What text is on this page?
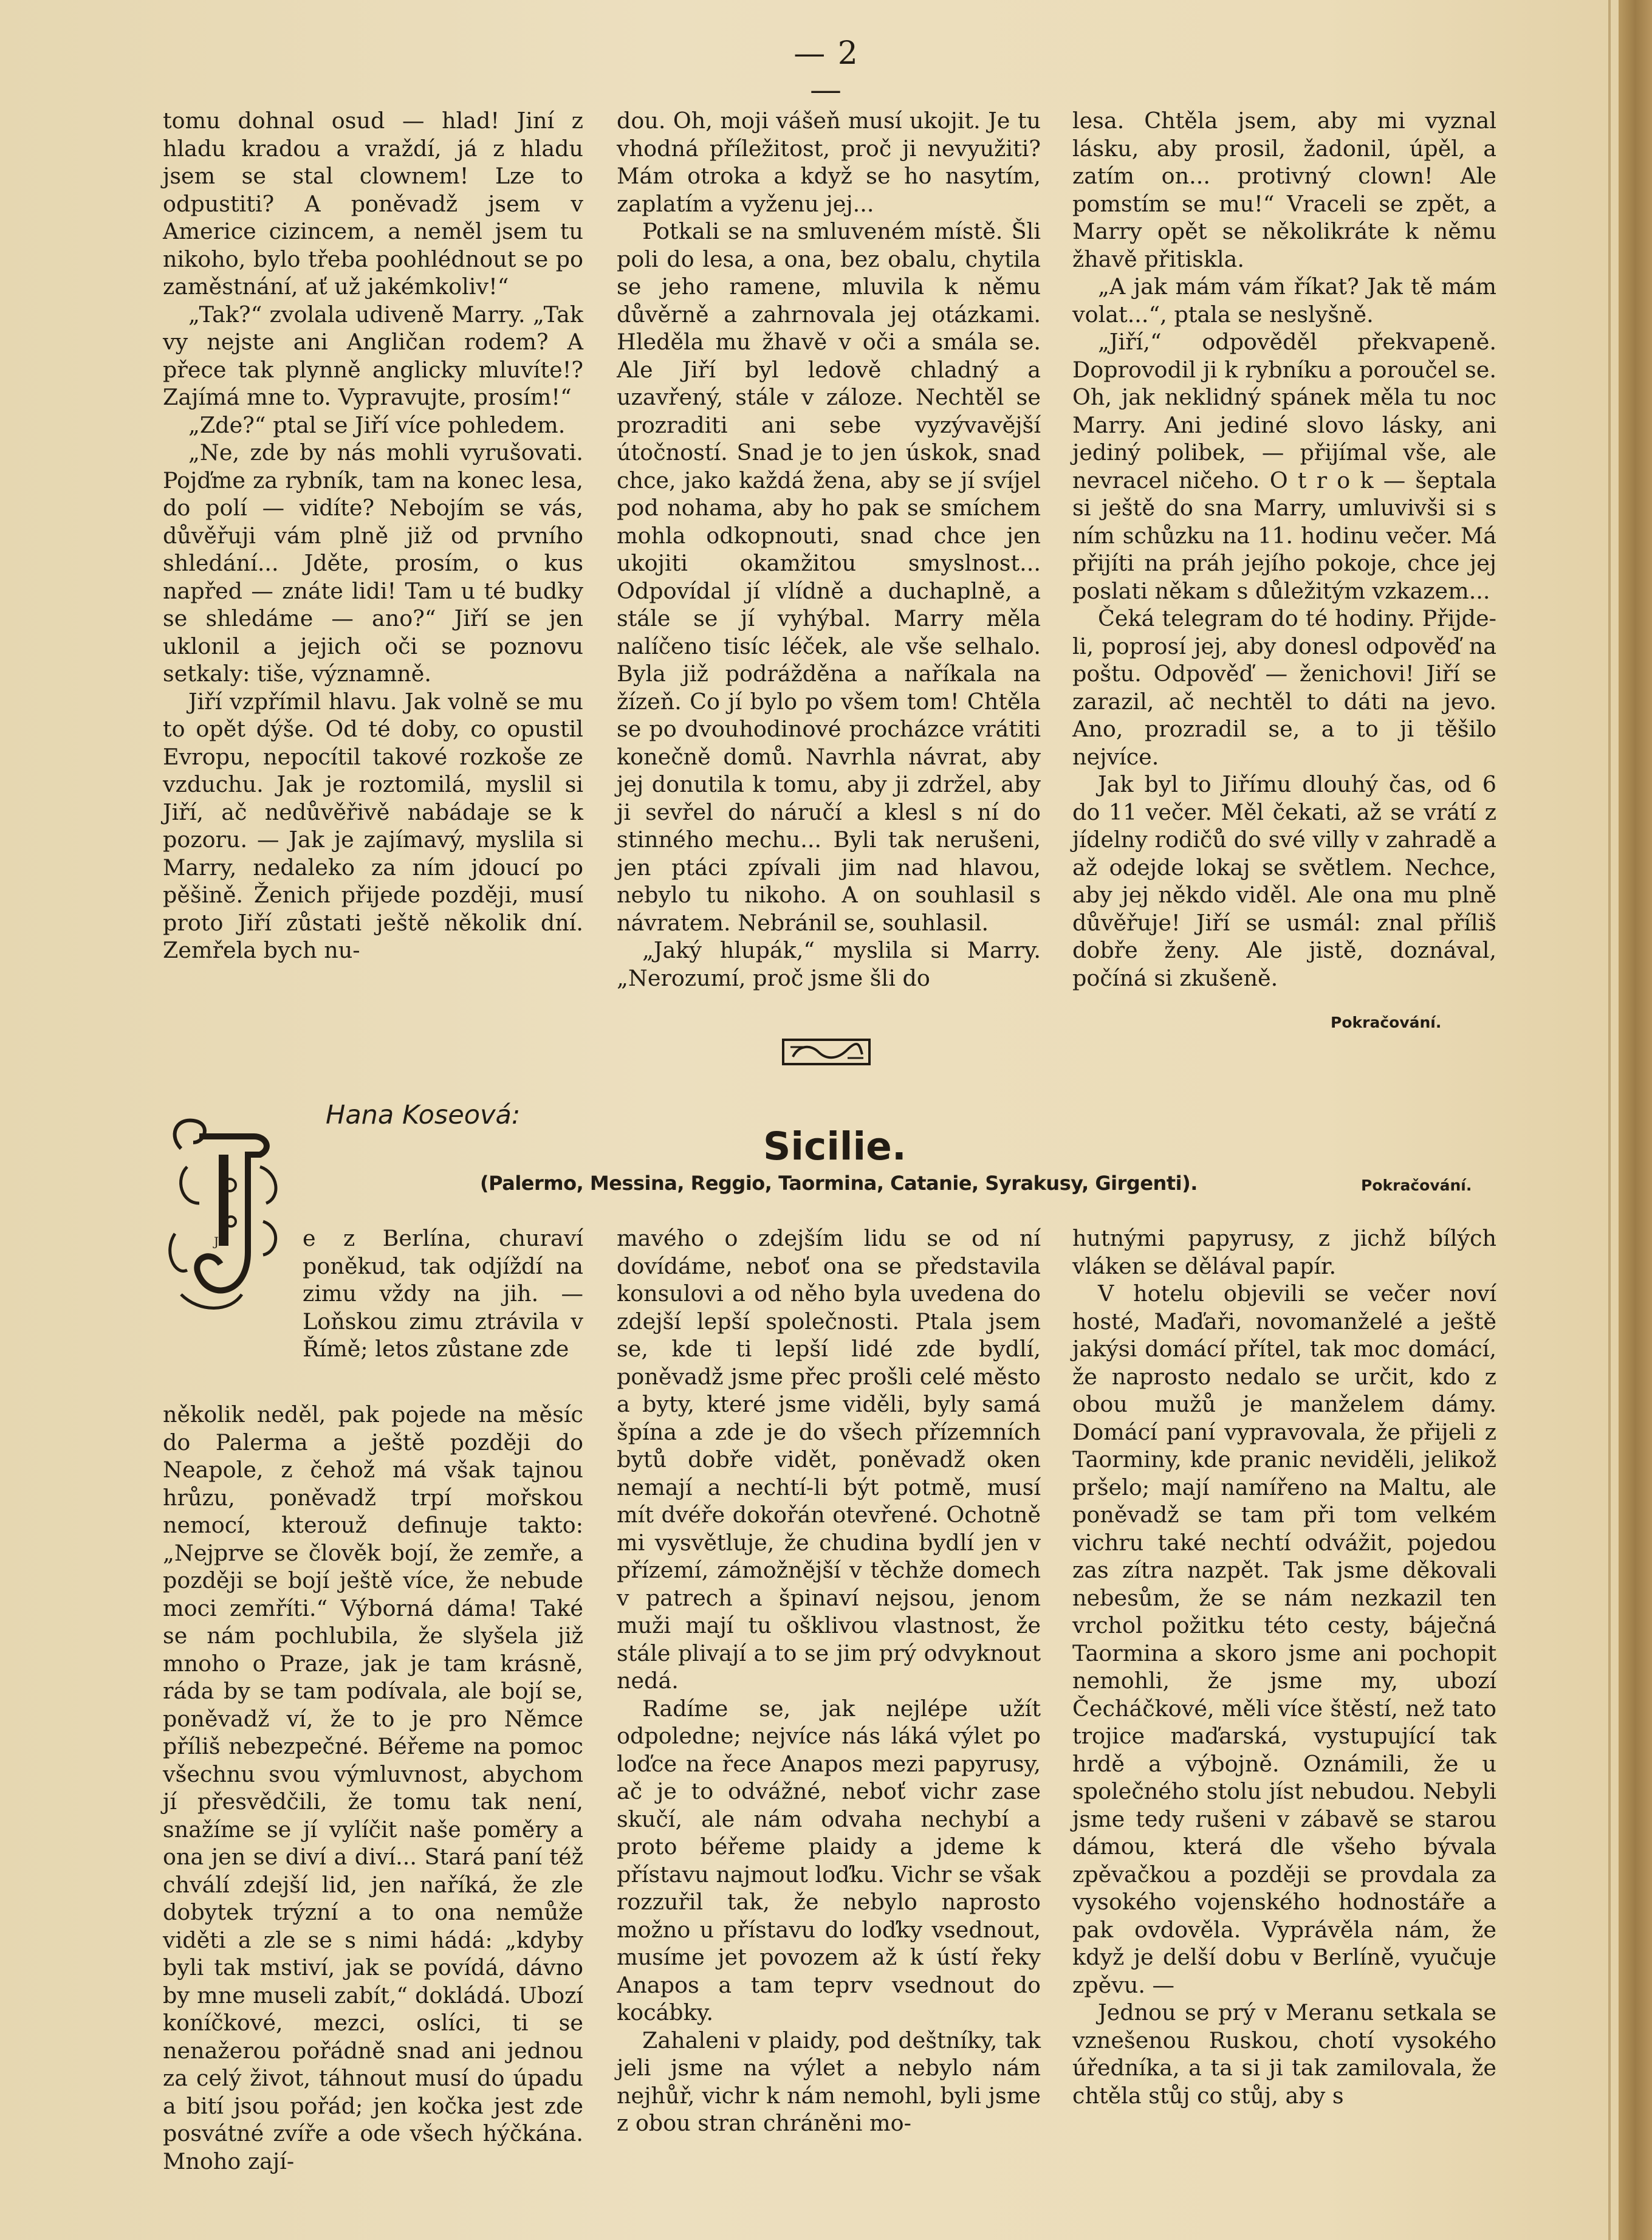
— 2 —

tomu dohnal osud — hlad! Jiní z hladu kradou a vraždí, já z hladu jsem se stal clownem! Lze to odpustiti? A poněvadž jsem v Americe cizincem, a neměl jsem tu nikoho, bylo třeba poohlédnout se po zaměstnání, ať už jakémkoliv!“

„Tak?“ zvolala udiveně Marry. „Tak vy nejste ani Angličan rodem? A přece tak plynně anglicky mluvíte!? Zajímá mne to. Vypravujte, prosím!“

„Zde?“ ptal se Jiří více pohledem.

„Ne, zde by nás mohli vyrušovati. Pojďme za rybník, tam na konec lesa, do polí — vidíte? Nebojím se vás, důvěřuji vám plně již od prvního shledání... Jděte, prosím, o kus napřed — znáte lidi! Tam u té budky se shledáme — ano?“ Jiří se jen uklonil a jejich oči se poznovu setkaly: tiše, významně.

Jiří vzpřímil hlavu. Jak volně se mu to opět dýše. Od té doby, co opustil Evropu, nepocítil takové rozkoše ze vzduchu. Jak je roztomilá, myslil si Jiří, ač nedůvěřivě nabádaje se k pozoru. — Jak je zajímavý, myslila si Marry, nedaleko za ním jdoucí po pěšině. Ženich přijede později, musí proto Jiří zůstati ještě několik dní. Zemřela bych nu-

dou. Oh, moji vášeň musí ukojit. Je tu vhodná příležitost, proč ji nevyužiti? Mám otroka a když se ho nasytím, zaplatím a vyženu jej...

Potkali se na smluveném místě. Šli poli do lesa, a ona, bez obalu, chytila se jeho ramene, mluvila k němu důvěrně a zahrnovala jej otázkami. Hleděla mu žhavě v oči a smála se. Ale Jiří byl ledově chladný a uzavřený, stále v záloze. Nechtěl se prozraditi ani sebe vyzývavější útočností. Snad je to jen úskok, snad chce, jako každá žena, aby se jí svíjel pod nohama, aby ho pak se smíchem mohla odkopnouti, snad chce jen ukojiti okamžitou smyslnost... Odpovídal jí vlídně a duchaplně, a stále se jí vyhýbal. Marry měla nalíčeno tisíc léček, ale vše selhalo. Byla již podrážděna a naříkala na žízeň. Co jí bylo po všem tom! Chtěla se po dvouhodinové procházce vrátiti konečně domů. Navrhla návrat, aby jej donutila k tomu, aby ji zdržel, aby ji sevřel do náručí a klesl s ní do stinného mechu... Byli tak nerušeni, jen ptáci zpívali jim nad hlavou, nebylo tu nikoho. A on souhlasil s návratem. Nebránil se, souhlasil.

„Jaký hlupák,“ myslila si Marry. „Nerozumí, proč jsme šli do

lesa. Chtěla jsem, aby mi vyznal lásku, aby prosil, žadonil, úpěl, a zatím on... protivný clown! Ale pomstím se mu!“ Vraceli se zpět, a Marry opět se několikráte k němu žhavě přitiskla.

„A jak mám vám říkat? Jak tě mám volat...“, ptala se neslyšně.

„Jiří,“ odpověděl překvapeně. Doprovodil ji k rybníku a poroučel se. Oh, jak neklidný spánek měla tu noc Marry. Ani jediné slovo lásky, ani jediný polibek, — přijímal vše, ale nevracel ničeho. O t r o k — šeptala si ještě do sna Marry, umluvivši si s ním schůzku na 11. hodinu večer. Má přijíti na práh jejího pokoje, chce jej poslati někam s důležitým vzkazem...

Čeká telegram do té hodiny. Přijde-li, poprosí jej, aby donesl odpověď na poštu. Odpověď — ženichovi! Jiří se zarazil, ač nechtěl to dáti na jevo. Ano, prozradil se, a to ji těšilo nejvíce.

Jak byl to Jiřímu dlouhý čas, od 6 do 11 večer. Měl čekati, až se vrátí z jídelny rodičů do své villy v zahradě a až odejde lokaj se světlem. Nechce, aby jej někdo viděl. Ale ona mu plně důvěřuje! Jiří se usmál: znal příliš dobře ženy. Ale jistě, doznával, počíná si zkušeně.

Pokračování.
Hana Koseová:
Sicilie.
(Palermo, Messina, Reggio, Taormina, Catanie, Syrakusy, Girgenti).	Pokračování.
J	e z Berlína, churaví poněkud, tak odjíždí na zimu vždy na jih. — Loňskou zimu ztrávila v Římě; letos zůstane zde

několik neděl, pak pojede na měsíc do Palerma a ještě později do Neapole, z čehož má však tajnou hrůzu, poněvadž trpí mořskou nemocí, kterouž definuje takto: „Nejprve se člověk bojí, že zemře, a později se bojí ještě více, že nebude moci zemříti.“ Výborná dáma! Také se nám pochlubila, že slyšela již mnoho o Praze, jak je tam krásně, ráda by se tam podívala, ale bojí se, poněvadž ví, že to je pro Němce příliš nebezpečné. Béřeme na pomoc všechnu svou výmluvnost, abychom jí přesvědčili, že tomu tak není, snažíme se jí vylíčit naše poměry a ona jen se diví a diví... Stará paní též chválí zdejší lid, jen naříká, že zle dobytek trýzní a to ona nemůže viděti a zle se s nimi hádá: „kdyby byli tak mstiví, jak se povídá, dávno by mne museli zabít,“ dokládá. Ubozí koníčkové, mezci, oslíci, ti se nenažerou pořádně snad ani jednou za celý život, táhnout musí do úpadu a bití jsou pořád; jen kočka jest zde posvátné zvíře a ode všech hýčkána. Mnoho zají-

mavého o zdejším lidu se od ní dovídáme, neboť ona se představila konsulovi a od něho byla uvedena do zdejší lepší společnosti. Ptala jsem se, kde ti lepší lidé zde bydlí, poněvadž jsme přec prošli celé město a byty, které jsme viděli, byly samá špína a zde je do všech přízemních bytů dobře vidět, poněvadž oken nemají a nechtí-li být potmě, musí mít dvéře dokořán otevřené. Ochotně mi vysvětluje, že chudina bydlí jen v přízemí, zámožnější v těchže domech v patrech a špinaví nejsou, jenom muži mají tu ošklivou vlastnost, že stále plivají a to se jim prý odvyknout nedá.

Radíme se, jak nejlépe užít odpoledne; nejvíce nás láká výlet po loďce na řece Anapos mezi papyrusy, ač je to odvážné, neboť vichr zase skučí, ale nám odvaha nechybí a proto béřeme plaidy a jdeme k přístavu najmout loďku. Vichr se však rozzuřil tak, že nebylo naprosto možno u přístavu do loďky vsednout, musíme jet povozem až k ústí řeky Anapos a tam teprv vsednout do kocábky.

Zahaleni v plaidy, pod deštníky, tak jeli jsme na výlet a nebylo nám nejhůř, vichr k nám nemohl, byli jsme z obou stran chráněni mo-

hutnými papyrusy, z jichž bílých vláken se dělával papír.

V hotelu objevili se večer noví hosté, Maďaři, novomanželé a ještě jakýsi domácí přítel, tak moc domácí, že naprosto nedalo se určit, kdo z obou mužů je manželem dámy. Domácí paní vypravovala, že přijeli z Taorminy, kde pranic neviděli, jelikož pršelo; mají namířeno na Maltu, ale poněvadž se tam při tom velkém vichru také nechtí odvážit, pojedou zas zítra nazpět. Tak jsme děkovali nebesům, že se nám nezkazil ten vrchol požitku této cesty, báječná Taormina a skoro jsme ani pochopit nemohli, že jsme my, ubozí Čecháčkové, měli více štěstí, než tato trojice maďarská, vystupující tak hrdě a výbojně. Oznámili, že u společného stolu jíst nebudou. Nebyli jsme tedy rušeni v zábavě se starou dámou, která dle všeho bývala zpěvačkou a později se provdala za vysokého vojenského hodnostáře a pak ovdověla. Vyprávěla nám, že když je delší dobu v Berlíně, vyučuje zpěvu. —

Jednou se prý v Meranu setkala se vznešenou Ruskou, chotí vysokého úředníka, a ta si ji tak zamilovala, že chtěla stůj co stůj, aby s
